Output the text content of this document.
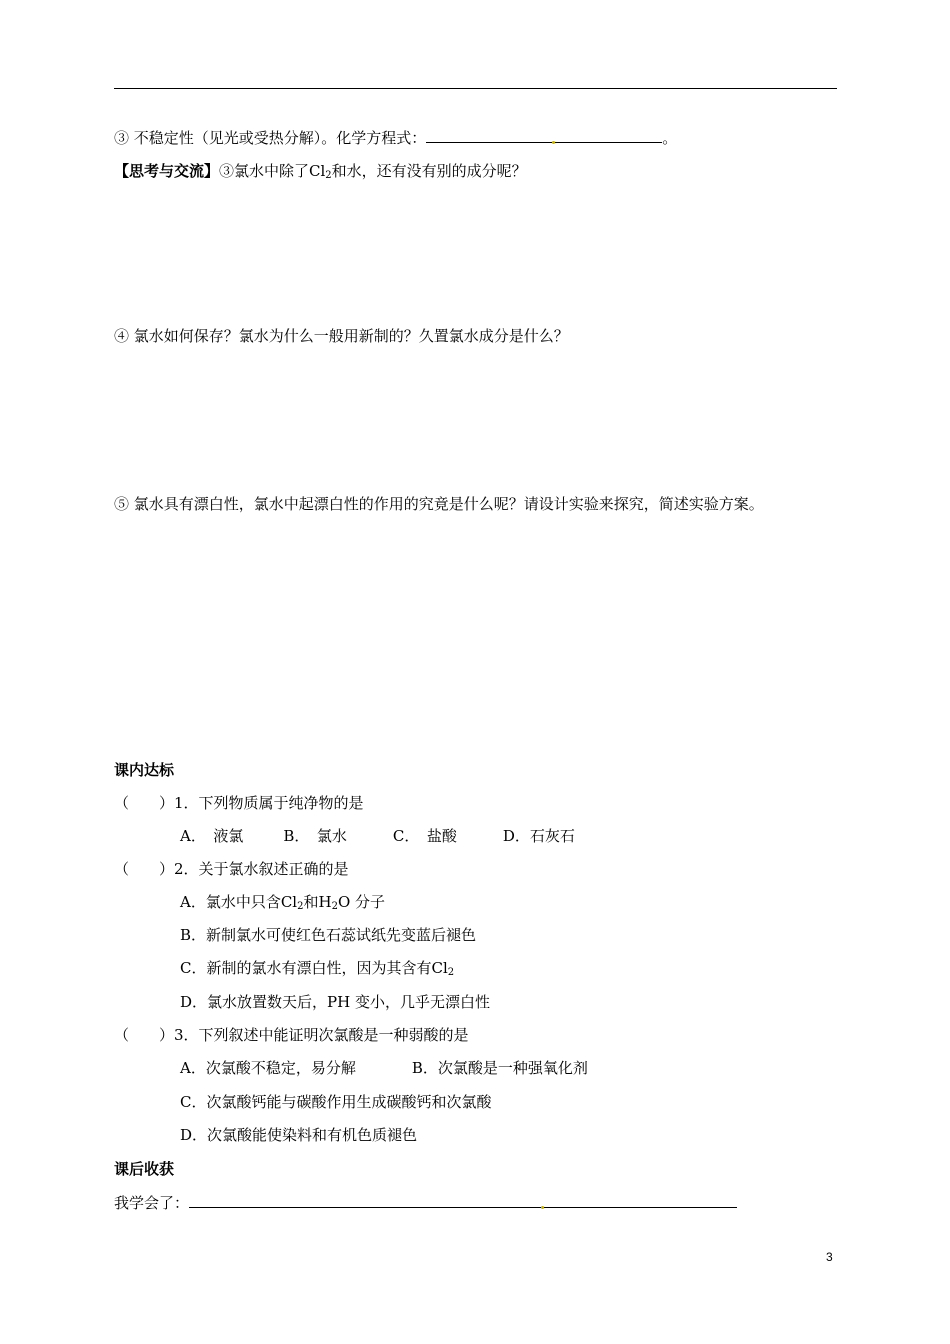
③ 不稳定性（见光或受热分解）。化学方程式：	。
【思考与交流】③氯水中除了$Cl_2$和水，还有没有别的成分呢？
④ 氯水如何保存？氯水为什么一般用新制的？久置氯水成分是什么？
⑤ 氯水具有漂白性，氯水中起漂白性的作用的究竟是什么呢？请设计实验来探究，简述实验方案。
课内达标
（　　）1．下列物质属于纯净物的是
A．　液氯	B．　氯水	C．　盐酸	D．石灰石
（　　）2．关于氯水叙述正确的是
A．氯水中只含$Cl_2$和$H_2O$ 分子
B．新制氯水可使红色石蕊试纸先变蓝后褪色
C．新制的氯水有漂白性，因为其含有$Cl_2$
D．氯水放置数天后，PH 变小，几乎无漂白性
（　　）3．下列叙述中能证明次氯酸是一种弱酸的是
A．次氯酸不稳定，易分解	B．次氯酸是一种强氧化剂
C．次氯酸钙能与碳酸作用生成碳酸钙和次氯酸
D．次氯酸能使染料和有机色质褪色
课后收获
我学会了：
3
